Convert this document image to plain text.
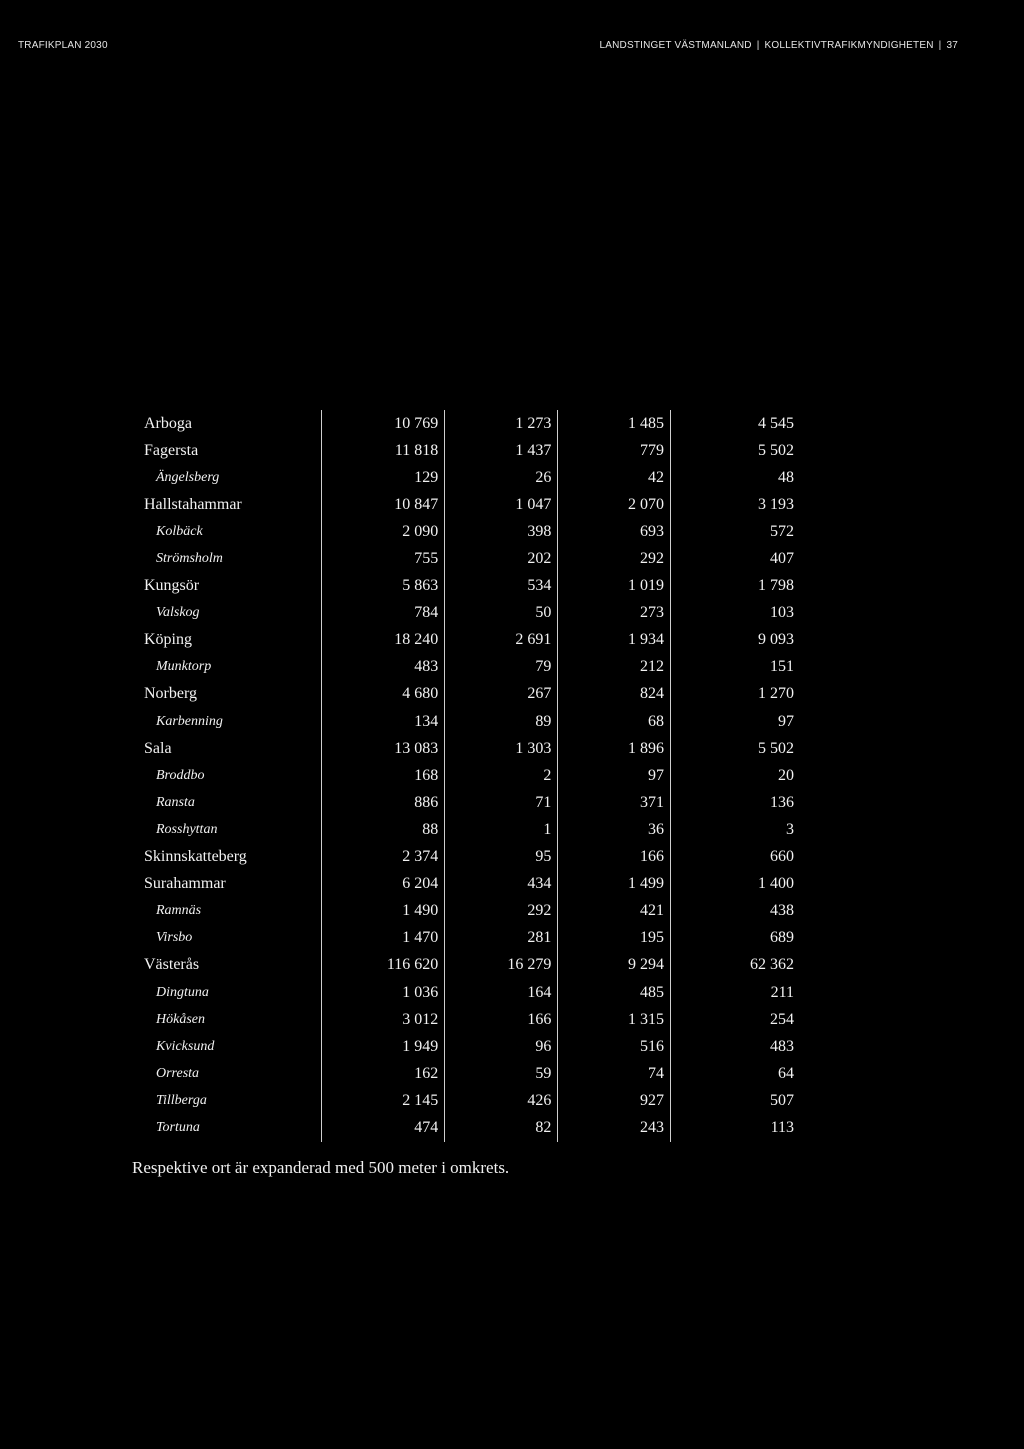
TRAFIKPLAN 2030	LANDSTINGET VÄSTMANLAND | KOLLEKTIVTRAFIKMYNDIGHETEN | 37
Arboga		10 769	1 273	1 485	4 545
Fagersta		11 818	1 437	779	5 502
Ängelsberg		129	26	42	48
Hallstahammar		10 847	1 047	2 070	3 193
Kolbäck		2 090	398	693	572
Strömsholm		755	202	292	407
Kungsör		5 863	534	1 019	1 798
Valskog		784	50	273	103
Köping		18 240	2 691	1 934	9 093
Munktorp		483	79	212	151
Norberg		4 680	267	824	1 270
Karbenning		134	89	68	97
Sala		13 083	1 303	1 896	5 502
Broddbo		168	2	97	20
Ransta		886	71	371	136
Rosshyttan		88	1	36	3
Skinnskatteberg		2 374	95	166	660
Surahammar		6 204	434	1 499	1 400
Ramnäs		1 490	292	421	438
Virsbo		1 470	281	195	689
Västerås		116 620	16 279	9 294	62 362
Dingtuna		1 036	164	485	211
Hökåsen		3 012	166	1 315	254
Kvicksund		1 949	96	516	483
Orresta		162	59	74	64
Tillberga		2 145	426	927	507
Tortuna		474	82	243	113
Respektive ort är expanderad med 500 meter i omkrets.
